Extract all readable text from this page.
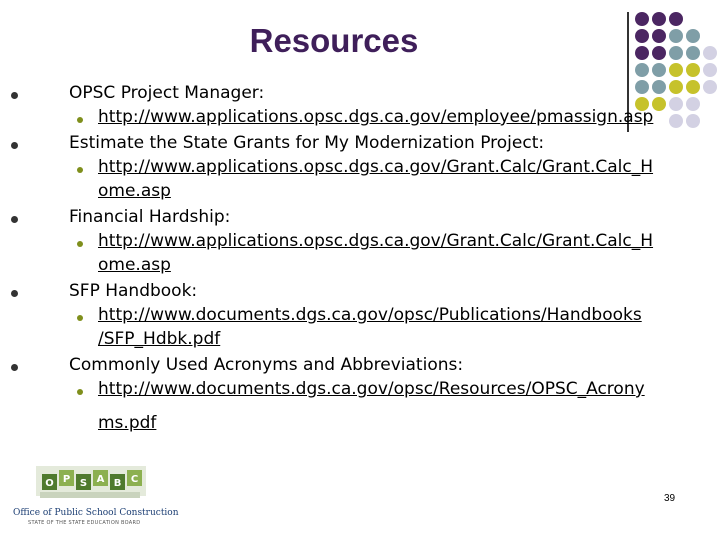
Resources
OPSC Project Manager:
http://www.applications.opsc.dgs.ca.gov/employee/pmassign.asp
Estimate the State Grants for My Modernization Project:
http://www.applications.opsc.dgs.ca.gov/Grant.Calc/Grant.Calc_H
ome.asp
Financial Hardship:
http://www.applications.opsc.dgs.ca.gov/Grant.Calc/Grant.Calc_H
ome.asp
SFP Handbook:
http://www.documents.dgs.ca.gov/opsc/Publications/Handbooks
/SFP_Hdbk.pdf
Commonly Used Acronyms and Abbreviations:
http://www.documents.dgs.ca.gov/opsc/Resources/OPSC_Acrony
ms.pdf
O P S A B C
Office of Public School Construction
STATE OF THE STATE EDUCATION BOARD
39
